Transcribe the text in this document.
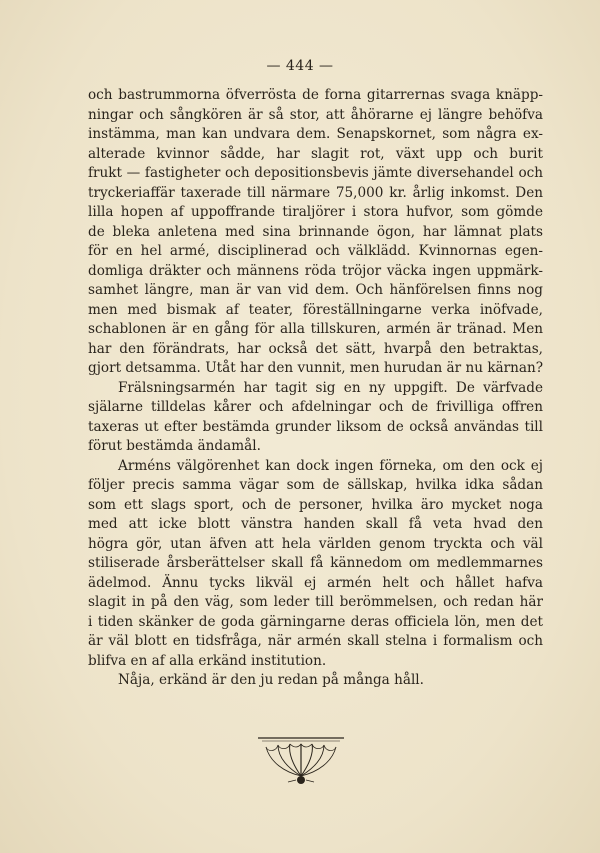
— 444 —
och bastrummorna öfverrösta de forna gitarrernas svaga knäpp-
ningar och sångkören är så stor, att åhörarne ej längre behöfva
instämma, man kan undvara dem. Senapskornet, som några ex-
alterade kvinnor sådde, har slagit rot, växt upp och burit
frukt — fastigheter och depositionsbevis jämte diversehandel och
tryckeriaffär taxerade till närmare 75,000 kr. årlig inkomst. Den
lilla hopen af uppoffrande tiraljörer i stora hufvor, som gömde
de bleka anletena med sina brinnande ögon, har lämnat plats
för en hel armé, disciplinerad och välklädd. Kvinnornas egen-
domliga dräkter och männens röda tröjor väcka ingen uppmärk-
samhet längre, man är van vid dem. Och hänförelsen finns nog
men med bismak af teater, föreställningarne verka inöfvade,
schablonen är en gång för alla tillskuren, armén är tränad. Men
har den förändrats, har också det sätt, hvarpå den betraktas,
gjort detsamma. Utåt har den vunnit, men hurudan är nu kärnan?
Frälsningsarmén har tagit sig en ny uppgift. De värfvade
själarne tilldelas kårer och afdelningar och de frivilliga offren
taxeras ut efter bestämda grunder liksom de också användas till
förut bestämda ändamål.
Arméns välgörenhet kan dock ingen förneka, om den ock ej
följer precis samma vägar som de sällskap, hvilka idka sådan
som ett slags sport, och de personer, hvilka äro mycket noga
med att icke blott vänstra handen skall få veta hvad den
högra gör, utan äfven att hela världen genom tryckta och väl
stiliserade årsberättelser skall få kännedom om medlemmarnes
ädelmod. Ännu tycks likväl ej armén helt och hållet hafva
slagit in på den väg, som leder till berömmelsen, och redan här
i tiden skänker de goda gärningarne deras officiela lön, men det
är väl blott en tidsfråga, när armén skall stelna i formalism och
blifva en af alla erkänd institution.
Nåja, erkänd är den ju redan på många håll.
